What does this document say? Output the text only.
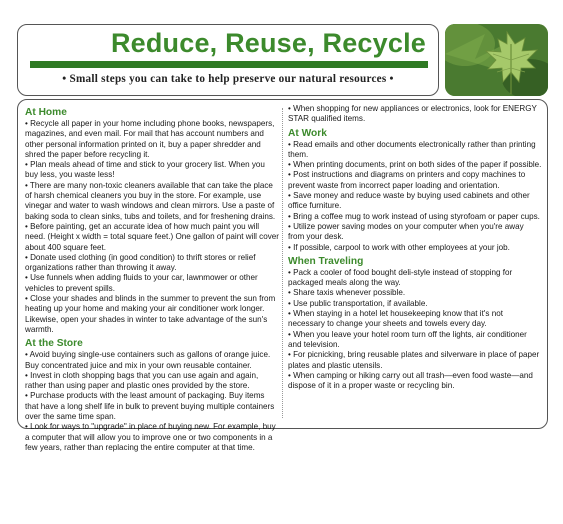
Reduce, Reuse, Recycle
• Small steps you can take to help preserve our natural resources •
At Home

• Recycle all paper in your home including phone books, newspapers, magazines, and even mail. For mail that has account numbers and other personal information printed on it, buy a paper shredder and shred the paper before recycling it.

• Plan meals ahead of time and stick to your grocery list. When you buy less, you waste less!

• There are many non-toxic cleaners available that can take the place of harsh chemical cleaners you buy in the store. For example, use vinegar and water to wash windows and clean mirrors. Use a paste of baking soda to clean sinks, tubs and toilets, and for freshening drains.

• Before painting, get an accurate idea of how much paint you will need. (Height x width = total square feet.) One gallon of paint will cover about 400 square feet.

• Donate used clothing (in good condition) to thrift stores or relief organizations rather than throwing it away.

• Use funnels when adding fluids to your car, lawnmower or other vehicles to prevent spills.

• Close your shades and blinds in the summer to prevent the sun from heating up your home and making your air conditioner work longer. Likewise, open your shades in winter to take advantage of the sun's warmth.

At the Store

• Avoid buying single-use containers such as gallons of orange juice. Buy concentrated juice and mix in your own reusable container.

• Invest in cloth shopping bags that you can use again and again, rather than using paper and plastic ones provided by the store.

• Purchase products with the least amount of packaging. Buy items that have a long shelf life in bulk to prevent buying multiple containers over the same time span.

• Look for ways to "upgrade" in place of buying new. For example, buy a computer that will allow you to improve one or two components in a few years, rather than replacing the entire computer at that time.

• When shopping for new appliances or electronics, look for ENERGY STAR qualified items.

At Work

• Read emails and other documents electronically rather than printing them.

• When printing documents, print on both sides of the paper if possible.

• Post instructions and diagrams on printers and copy machines to prevent waste from incorrect paper loading and orientation.

• Save money and reduce waste by buying used cabinets and other office furniture.

• Bring a coffee mug to work instead of using styrofoam or paper cups.

• Utilize power saving modes on your computer when you're away from your desk.

• If possible, carpool to work with other employees at your job.

When Traveling

• Pack a cooler of food bought deli-style instead of stopping for packaged meals along the way.

• Share taxis whenever possible.

• Use public transportation, if available.

• When staying in a hotel let housekeeping know that it's not necessary to change your sheets and towels every day.

• When you leave your hotel room turn off the lights, air conditioner and television.

• For picnicking, bring reusable plates and silverware in place of paper plates and plastic utensils.

• When camping or hiking carry out all trash—even food waste—and dispose of it in a proper waste or recycling bin.
